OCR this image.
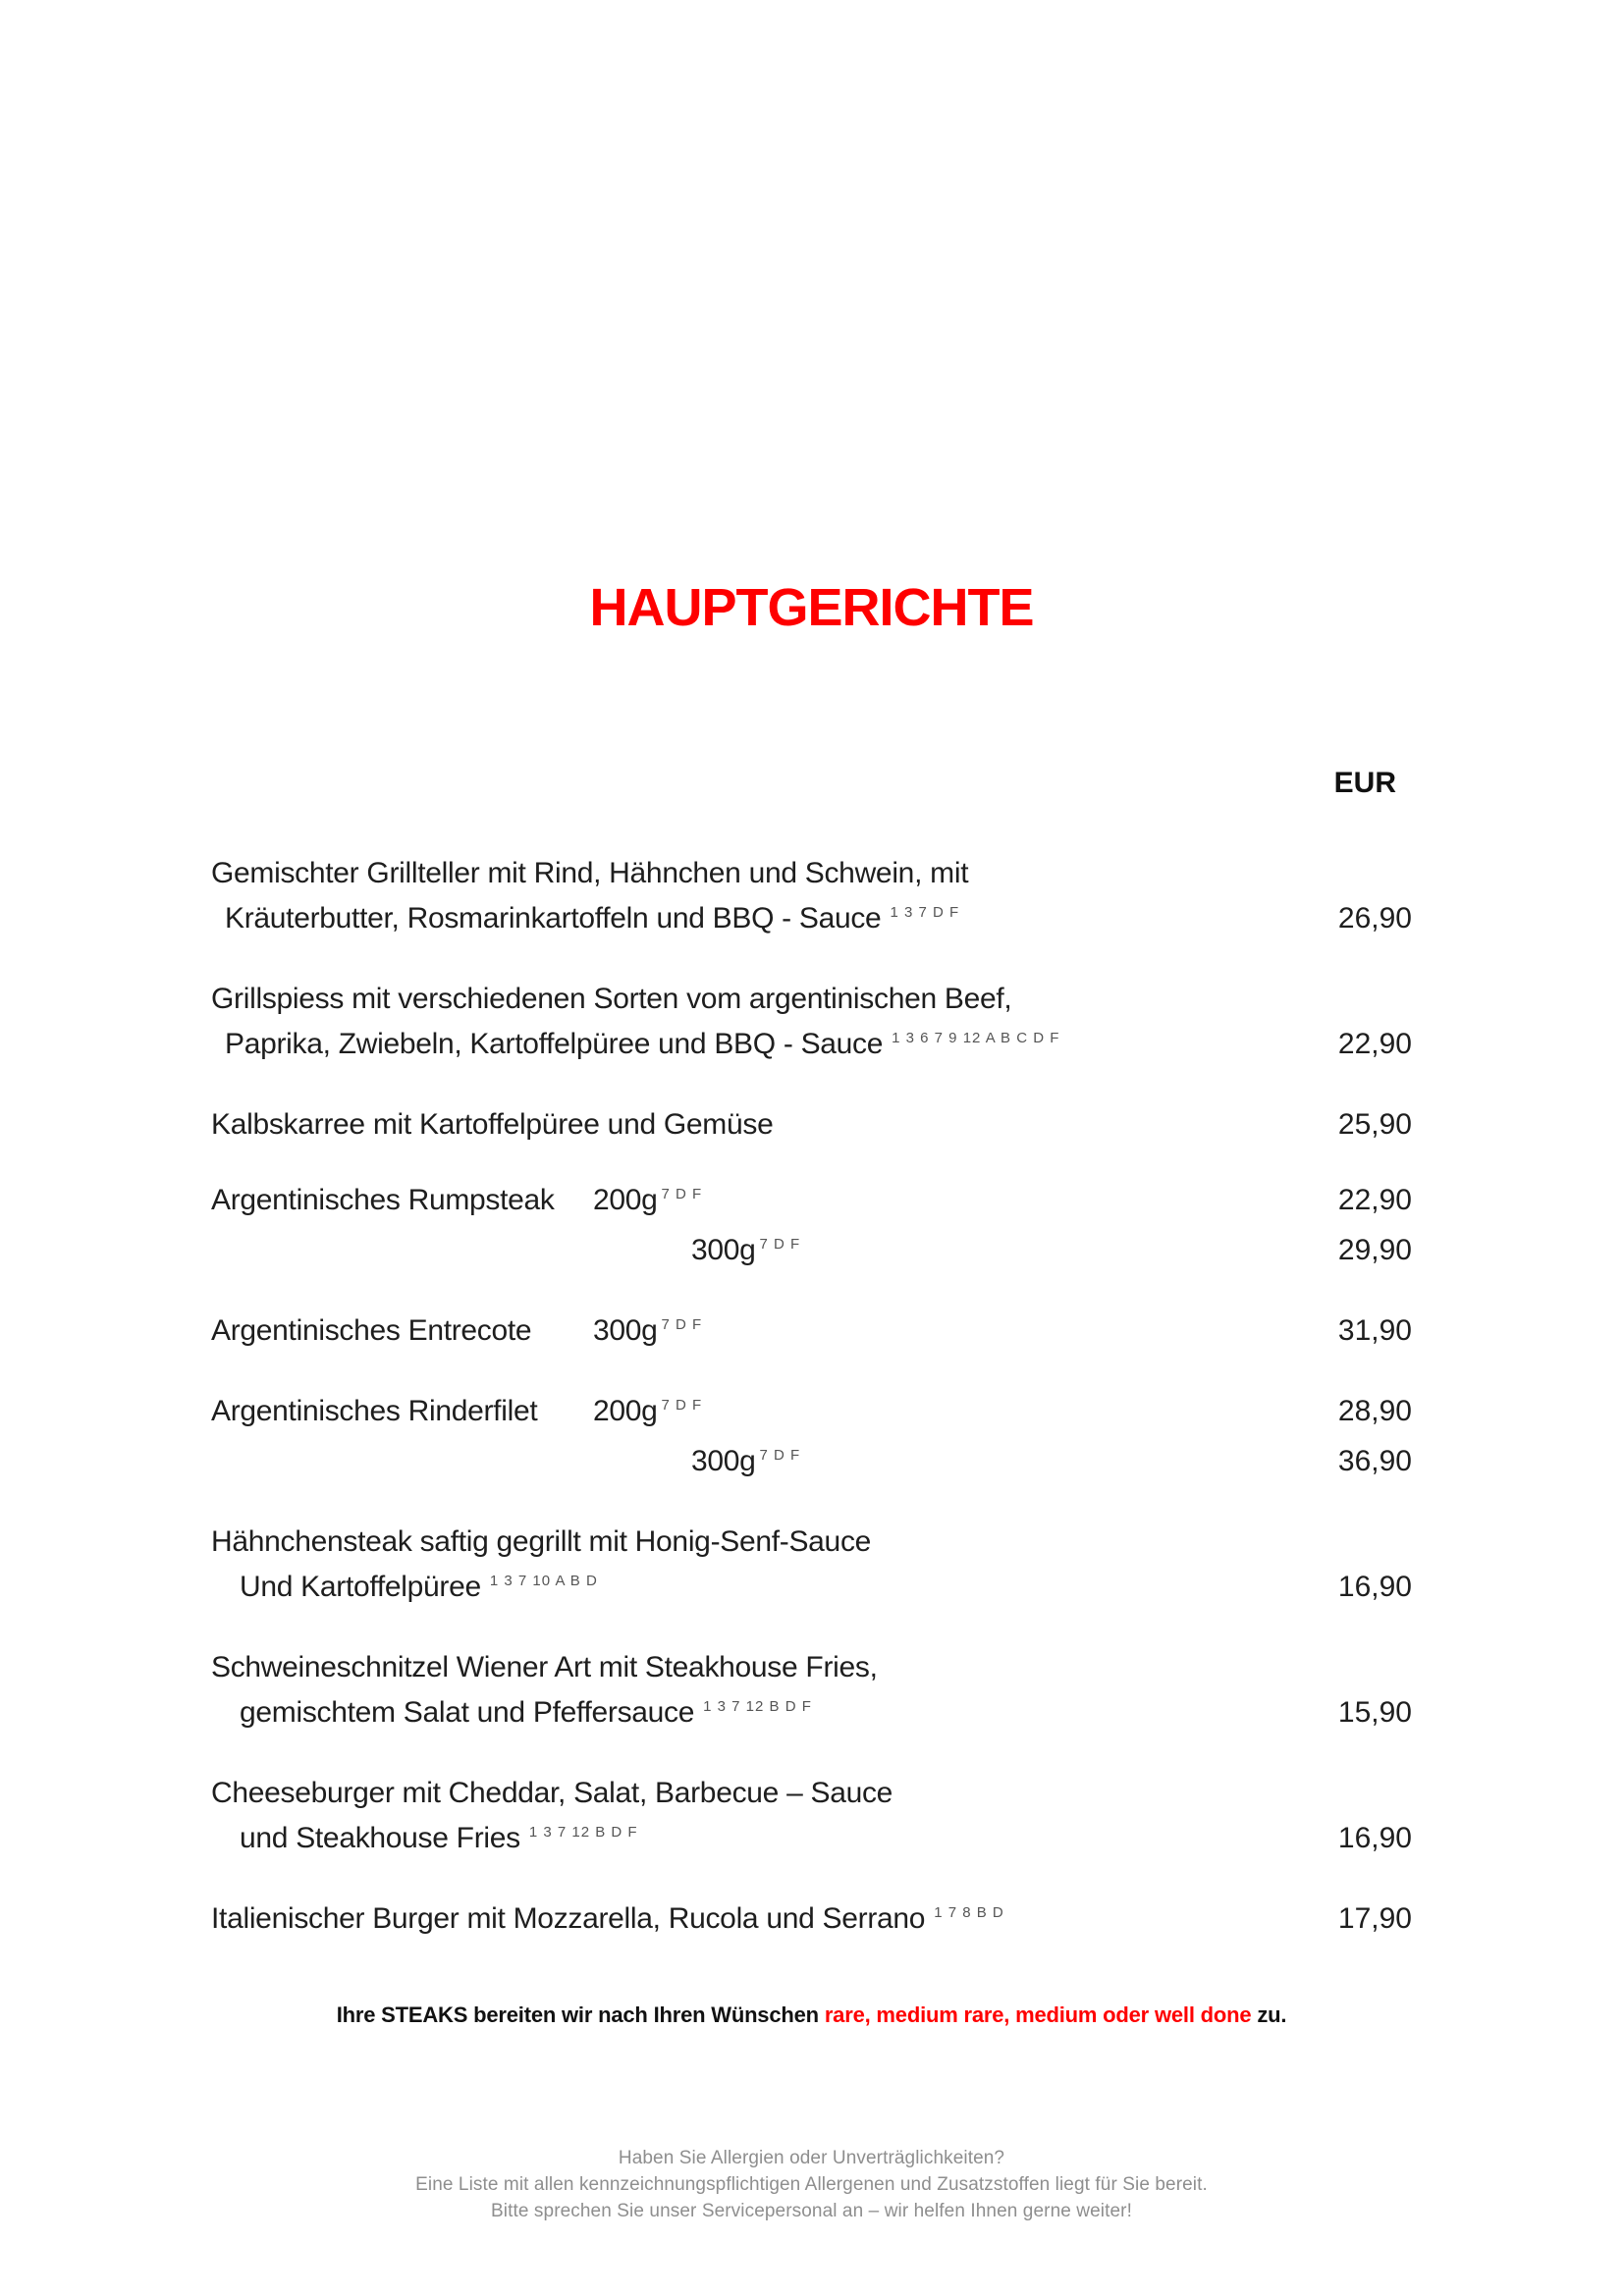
HAUPTGERICHTE
EUR
Gemischter Grillteller mit Rind, Hähnchen und Schwein, mit
Kräuterbutter, Rosmarinkartoffeln und BBQ - Sauce $^{1 3 7 D F}$	26,90
Grillspiess mit verschiedenen Sorten vom argentinischen Beef,
Paprika, Zwiebeln, Kartoffelpüree und BBQ - Sauce $^{1 3 6 7 9 12 A B C D F}$	22,90
Kalbskarree mit Kartoffelpüree und Gemüse	25,90
Argentinisches Rumpsteak 200g $^{7 D F}$	22,90
300g $^{7 D F}$	29,90
Argentinisches Entrecote 300g $^{7 D F}$	31,90
Argentinisches Rinderfilet 200g $^{7 D F}$	28,90
300g $^{7 D F}$	36,90
Hähnchensteak saftig gegrillt mit Honig-Senf-Sauce
Und Kartoffelpüree $^{1 3 7 10 A B D}$	16,90
Schweineschnitzel Wiener Art mit Steakhouse Fries,
gemischtem Salat und Pfeffersauce $^{1 3 7 12 B D F}$	15,90
Cheeseburger mit Cheddar, Salat, Barbecue – Sauce
und Steakhouse Fries $^{1 3 7 12 B D F}$	16,90
Italienischer Burger mit Mozzarella, Rucola und Serrano $^{1 7 8 B D}$	17,90
Ihre STEAKS bereiten wir nach Ihren Wünschen rare, medium rare, medium oder well done zu.
Haben Sie Allergien oder Unverträglichkeiten?
Eine Liste mit allen kennzeichnungspflichtigen Allergenen und Zusatzstoffen liegt für Sie bereit.
Bitte sprechen Sie unser Servicepersonal an – wir helfen Ihnen gerne weiter!
